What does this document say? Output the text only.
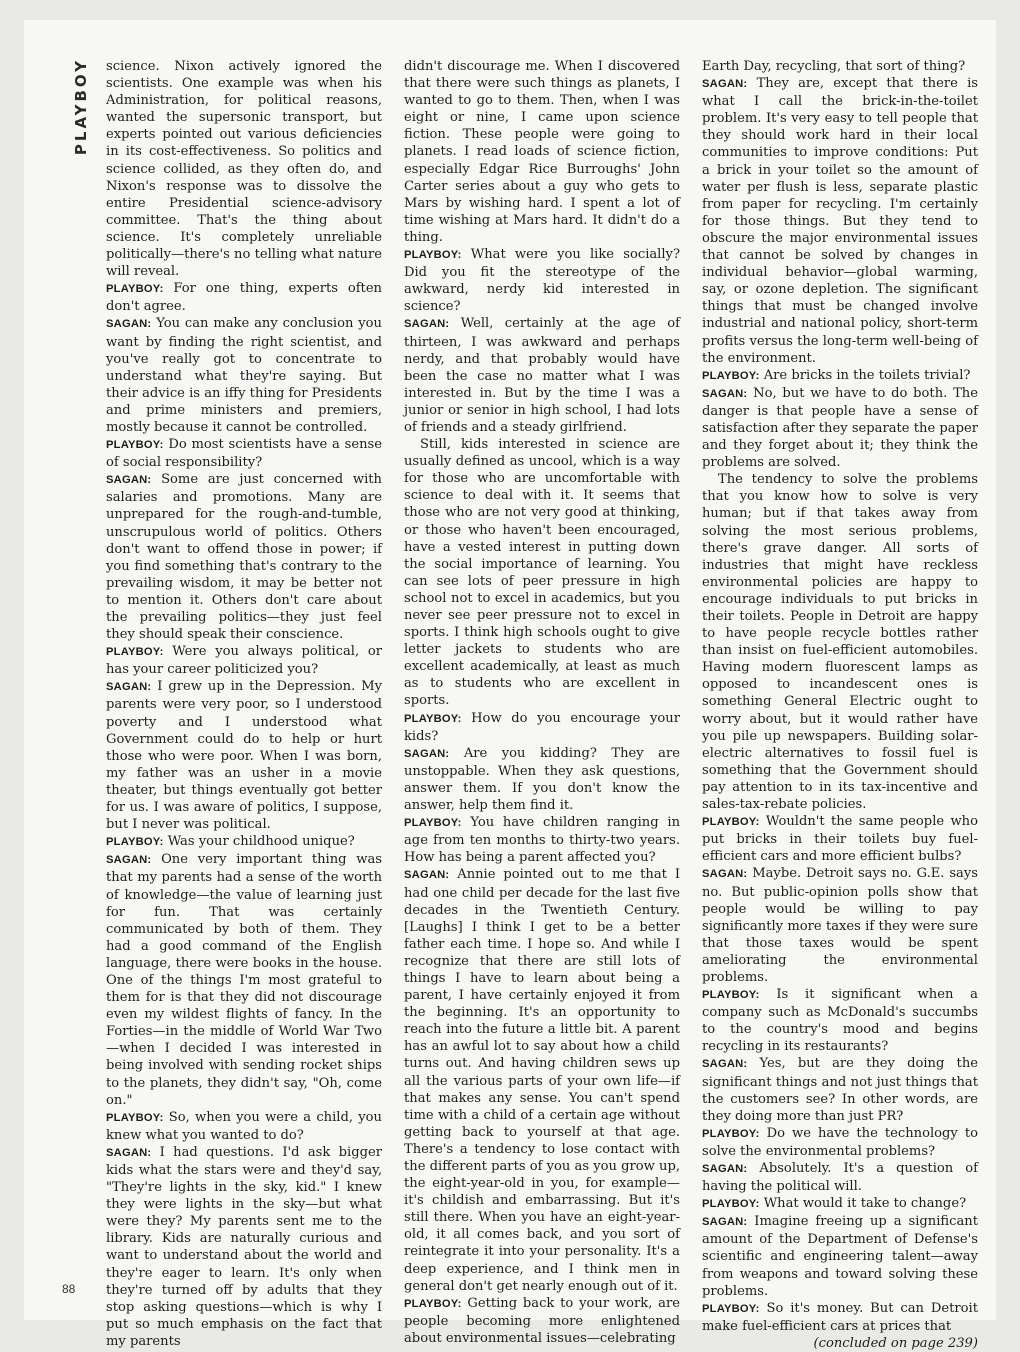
PLAYBOY science. Nixon actively ignored the scientists. One example was when his Administration, for political reasons, wanted the supersonic transport, but experts pointed out various deficiencies in its cost-effectiveness. So politics and science collided, as they often do, and Nixon's response was to dissolve the entire Presidential science-advisory committee. That's the thing about science. It's completely unreliable politically—there's no telling what nature will reveal.

PLAYBOY: For one thing, experts often don't agree.

SAGAN: You can make any conclusion you want by finding the right scientist, and you've really got to concentrate to understand what they're saying. But their advice is an iffy thing for Presidents and prime ministers and premiers, mostly because it cannot be controlled.

PLAYBOY: Do most scientists have a sense of social responsibility?

SAGAN: Some are just concerned with salaries and promotions. Many are unprepared for the rough-and-tumble, unscrupulous world of politics. Others don't want to offend those in power; if you find something that's contrary to the prevailing wisdom, it may be better not to mention it. Others don't care about the prevailing politics—they just feel they should speak their conscience.

PLAYBOY: Were you always political, or has your career politicized you?

SAGAN: I grew up in the Depression. My parents were very poor, so I understood poverty and I understood what Government could do to help or hurt those who were poor. When I was born, my father was an usher in a movie theater, but things eventually got better for us. I was aware of politics, I suppose, but I never was political.

PLAYBOY: Was your childhood unique?

SAGAN: One very important thing was that my parents had a sense of the worth of knowledge—the value of learning just for fun. That was certainly communicated by both of them. They had a good command of the English language, there were books in the house. One of the things I'm most grateful to them for is that they did not discourage even my wildest flights of fancy. In the Forties—in the middle of World War Two—when I decided I was interested in being involved with sending rocket ships to the planets, they didn't say, "Oh, come on."

PLAYBOY: So, when you were a child, you knew what you wanted to do?

SAGAN: I had questions. I'd ask bigger kids what the stars were and they'd say, "They're lights in the sky, kid." I knew they were lights in the sky—but what were they? My parents sent me to the library. Kids are naturally curious and want to understand about the world and they're eager to learn. It's only when they're turned off by adults that they stop asking questions—which is why I put so much emphasis on the fact that my parents

didn't discourage me. When I discovered that there were such things as planets, I wanted to go to them. Then, when I was eight or nine, I came upon science fiction. These people were going to planets. I read loads of science fiction, especially Edgar Rice Burroughs' John Carter series about a guy who gets to Mars by wishing hard. I spent a lot of time wishing at Mars hard. It didn't do a thing.

PLAYBOY: What were you like socially? Did you fit the stereotype of the awkward, nerdy kid interested in science?

SAGAN: Well, certainly at the age of thirteen, I was awkward and perhaps nerdy, and that probably would have been the case no matter what I was interested in. But by the time I was a junior or senior in high school, I had lots of friends and a steady girlfriend.

Still, kids interested in science are usually defined as uncool, which is a way for those who are uncomfortable with science to deal with it. It seems that those who are not very good at thinking, or those who haven't been encouraged, have a vested interest in putting down the social importance of learning. You can see lots of peer pressure in high school not to excel in academics, but you never see peer pressure not to excel in sports. I think high schools ought to give letter jackets to students who are excellent academically, at least as much as to students who are excellent in sports.

PLAYBOY: How do you encourage your kids?

SAGAN: Are you kidding? They are unstoppable. When they ask questions, answer them. If you don't know the answer, help them find it.

PLAYBOY: You have children ranging in age from ten months to thirty-two years. How has being a parent affected you?

SAGAN: Annie pointed out to me that I had one child per decade for the last five decades in the Twentieth Century. [Laughs] I think I get to be a better father each time. I hope so. And while I recognize that there are still lots of things I have to learn about being a parent, I have certainly enjoyed it from the beginning. It's an opportunity to reach into the future a little bit. A parent has an awful lot to say about how a child turns out. And having children sews up all the various parts of your own life—if that makes any sense. You can't spend time with a child of a certain age without getting back to yourself at that age. There's a tendency to lose contact with the different parts of you as you grow up, the eight-year-old in you, for example—it's childish and embarrassing. But it's still there. When you have an eight-year-old, it all comes back, and you sort of reintegrate it into your personality. It's a deep experience, and I think men in general don't get nearly enough out of it.

PLAYBOY: Getting back to your work, are people becoming more enlightened about environmental issues—celebrating

Earth Day, recycling, that sort of thing?

SAGAN: They are, except that there is what I call the brick-in-the-toilet problem. It's very easy to tell people that they should work hard in their local communities to improve conditions: Put a brick in your toilet so the amount of water per flush is less, separate plastic from paper for recycling. I'm certainly for those things. But they tend to obscure the major environmental issues that cannot be solved by changes in individual behavior—global warming, say, or ozone depletion. The significant things that must be changed involve industrial and national policy, short-term profits versus the long-term well-being of the environment.

PLAYBOY: Are bricks in the toilets trivial?

SAGAN: No, but we have to do both. The danger is that people have a sense of satisfaction after they separate the paper and they forget about it; they think the problems are solved.

The tendency to solve the problems that you know how to solve is very human; but if that takes away from solving the most serious problems, there's grave danger. All sorts of industries that might have reckless environmental policies are happy to encourage individuals to put bricks in their toilets. People in Detroit are happy to have people recycle bottles rather than insist on fuel-efficient automobiles. Having modern fluorescent lamps as opposed to incandescent ones is something General Electric ought to worry about, but it would rather have you pile up newspapers. Building solar-electric alternatives to fossil fuel is something that the Government should pay attention to in its tax-incentive and sales-tax-rebate policies.

PLAYBOY: Wouldn't the same people who put bricks in their toilets buy fuel-efficient cars and more efficient bulbs?

SAGAN: Maybe. Detroit says no. G.E. says no. But public-opinion polls show that people would be willing to pay significantly more taxes if they were sure that those taxes would be spent ameliorating the environmental problems.

PLAYBOY: Is it significant when a company such as McDonald's succumbs to the country's mood and begins recycling in its restaurants?

SAGAN: Yes, but are they doing the significant things and not just things that the customers see? In other words, are they doing more than just PR?

PLAYBOY: Do we have the technology to solve the environmental problems?

SAGAN: Absolutely. It's a question of having the political will.

PLAYBOY: What would it take to change?

SAGAN: Imagine freeing up a significant amount of the Department of Defense's scientific and engineering talent—away from weapons and toward solving these problems.

PLAYBOY: So it's money. But can Detroit make fuel-efficient cars at prices that

(concluded on page 239)

88
